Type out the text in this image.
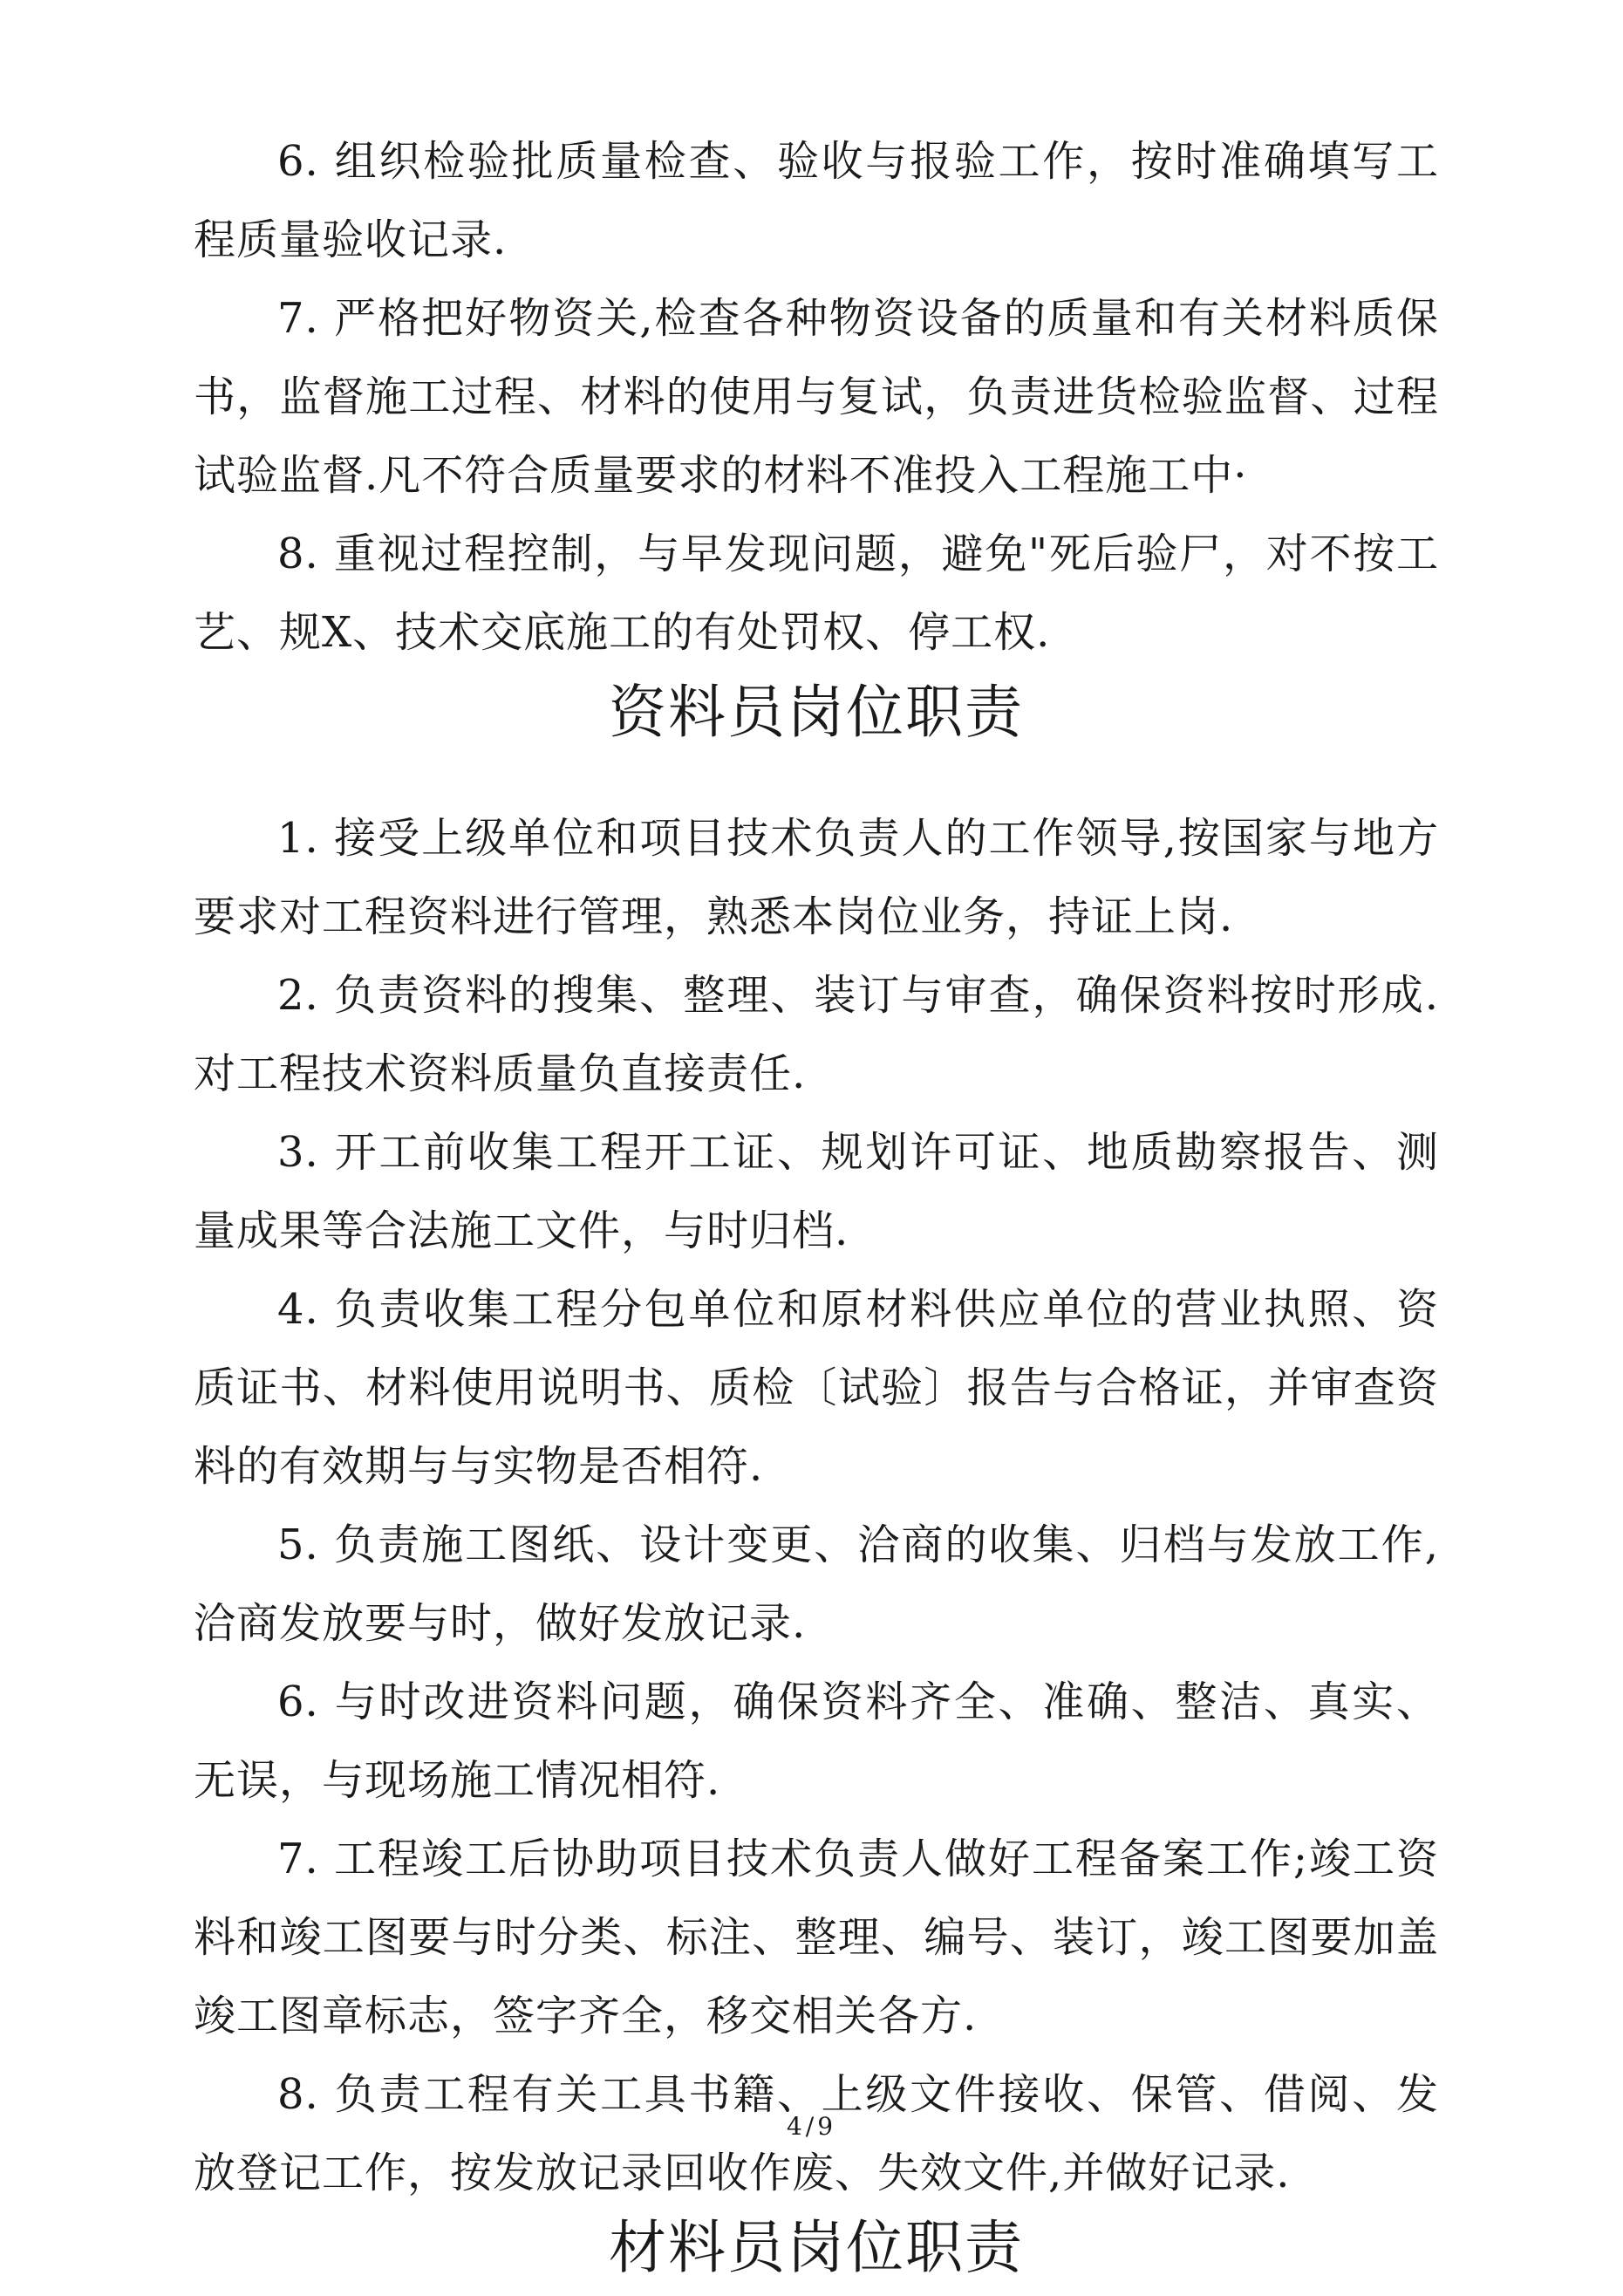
6. 组织检验批质量检查、验收与报验工作，按时准确填写工程质量验收记录.

7. 严格把好物资关,检查各种物资设备的质量和有关材料质保书，监督施工过程、材料的使用与复试，负责进货检验监督、过程试验监督.凡不符合质量要求的材料不准投入工程施工中·

8. 重视过程控制，与早发现问题，避免"死后验尸，对不按工艺、规X、技术交底施工的有处罚权、停工权.

资料员岗位职责

1. 接受上级单位和项目技术负责人的工作领导,按国家与地方要求对工程资料进行管理，熟悉本岗位业务，持证上岗.

2. 负责资料的搜集、整理、装订与审查，确保资料按时形成.对工程技术资料质量负直接责任.

3. 开工前收集工程开工证、规划许可证、地质勘察报告、测量成果等合法施工文件，与时归档.

4. 负责收集工程分包单位和原材料供应单位的营业执照、资质证书、材料使用说明书、质检〔试验〕报告与合格证，并审查资料的有效期与与实物是否相符.

5. 负责施工图纸、设计变更、洽商的收集、归档与发放工作,洽商发放要与时，做好发放记录.

6. 与时改进资料问题，确保资料齐全、准确、整洁、真实、无误，与现场施工情况相符.

7. 工程竣工后协助项目技术负责人做好工程备案工作;竣工资料和竣工图要与时分类、标注、整理、编号、装订，竣工图要加盖竣工图章标志，签字齐全，移交相关各方.

8. 负责工程有关工具书籍、上级文件接收、保管、借阅、发放登记工作，按发放记录回收作废、失效文件,并做好记录.

材料员岗位职责
4/9
